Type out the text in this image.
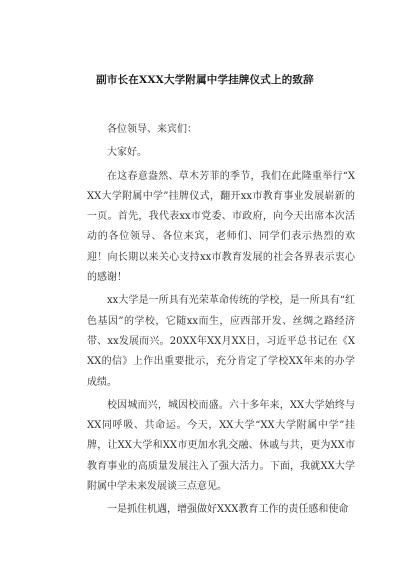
副市长在XXX大学附属中学挂牌仪式上的致辞

各位领导、来宾们：

大家好。

在这春意盎然、草木芳菲的季节，我们在此隆重举行“XXX大学附属中学”挂牌仪式，翻开xx市教育事业发展崭新的一页。首先，我代表xx市党委、市政府，向今天出席本次活动的各位领导、各位来宾，老师们、同学们表示热烈的欢迎！向长期以来关心支持xx市教育发展的社会各界表示衷心的感谢！

xx大学是一所具有光荣革命传统的学校，是一所具有“红色基因”的学校，它随xx而生，应西部开发、丝绸之路经济带、xx发展而兴。20XX年XX月XX日，习近平总书记在《XXX的信》上作出重要批示，充分肯定了学校XX年来的办学成绩。

校因城而兴，城因校而盛。六十多年来，XX大学始终与XX同呼吸、共命运。今天，XX大学“XX大学附属中学”挂牌，让XX大学和XX市更加水乳交融、休戚与共，更为XX市教育事业的高质量发展注入了强大活力。下面，我就XX大学附属中学未来发展谈三点意见。

一是抓住机遇，增强做好XXX教育工作的责任感和使命
